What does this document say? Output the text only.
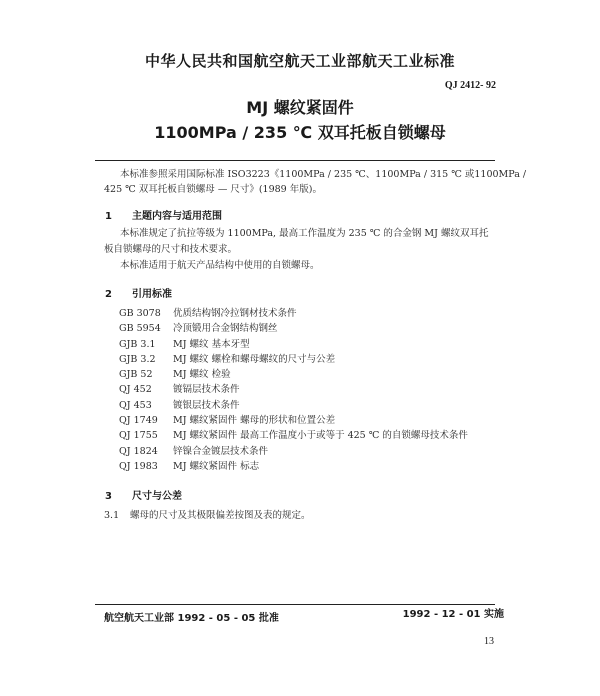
中华人民共和国航空航天工业部航天工业标准
QJ 2412- 92
MJ 螺纹紧固件
1100MPa / 235 ℃ 双耳托板自锁螺母
本标准参照采用国际标准 ISO3223《1100MPa / 235 ℃、1100MPa / 315 ℃ 或1100MPa /
425 ℃ 双耳托板自锁螺母 — 尺寸》(1989 年版)。
1 主题内容与适用范围
本标准规定了抗拉等级为 1100MPa, 最高工作温度为 235 ℃ 的合金钢 MJ 螺纹双耳托
板自锁螺母的尺寸和技术要求。
本标准适用于航天产品结构中使用的自锁螺母。
2 引用标准
GB 3078 优质结构钢冷拉钢材技术条件
GB 5954 冷顶锻用合金钢结构钢丝
GJB 3.1 MJ 螺纹 基本牙型
GJB 3.2 MJ 螺纹 螺栓和螺母螺纹的尺寸与公差
GJB 52 MJ 螺纹 检验
QJ 452 镀镉层技术条件
QJ 453 镀银层技术条件
QJ 1749 MJ 螺纹紧固件 螺母的形状和位置公差
QJ 1755 MJ 螺纹紧固件 最高工作温度小于或等于 425 ℃ 的自锁螺母技术条件
QJ 1824 锌镍合金镀层技术条件
QJ 1983 MJ 螺纹紧固件 标志
3 尺寸与公差
3.1 螺母的尺寸及其极限偏差按图及表的规定。
航空航天工业部 1992 - 05 - 05 批准	1992 - 12 - 01 实施
13
